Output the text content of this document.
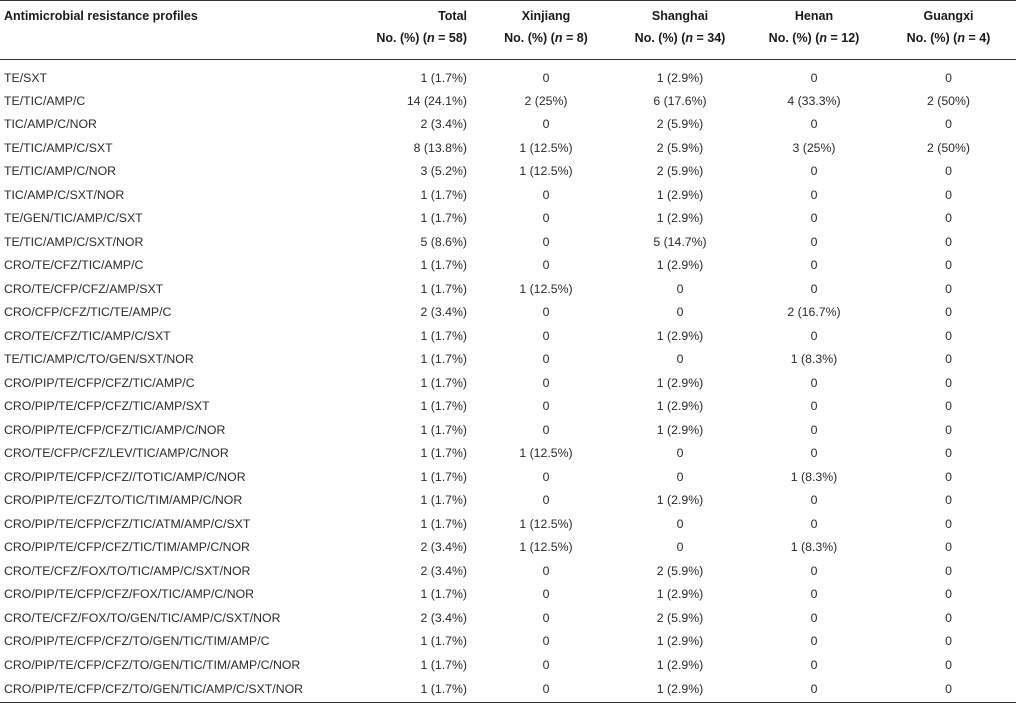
Antimicrobial resistance profiles	Total	Xinjiang	Shanghai	Henan	Guangxi
	No. (%) (n = 58)	No. (%) (n = 8)	No. (%) (n = 34)	No. (%) (n = 12)	No. (%) (n = 4)
TE/SXT	1 (1.7%)	0	1 (2.9%)	0	0
TE/TIC/AMP/C	14 (24.1%)	2 (25%)	6 (17.6%)	4 (33.3%)	2 (50%)
TIC/AMP/C/NOR	2 (3.4%)	0	2 (5.9%)	0	0
TE/TIC/AMP/C/SXT	8 (13.8%)	1 (12.5%)	2 (5.9%)	3 (25%)	2 (50%)
TE/TIC/AMP/C/NOR	3 (5.2%)	1 (12.5%)	2 (5.9%)	0	0
TIC/AMP/C/SXT/NOR	1 (1.7%)	0	1 (2.9%)	0	0
TE/GEN/TIC/AMP/C/SXT	1 (1.7%)	0	1 (2.9%)	0	0
TE/TIC/AMP/C/SXT/NOR	5 (8.6%)	0	5 (14.7%)	0	0
CRO/TE/CFZ/TIC/AMP/C	1 (1.7%)	0	1 (2.9%)	0	0
CRO/TE/CFP/CFZ/AMP/SXT	1 (1.7%)	1 (12.5%)	0	0	0
CRO/CFP/CFZ/TIC/TE/AMP/C	2 (3.4%)	0	0	2 (16.7%)	0
CRO/TE/CFZ/TIC/AMP/C/SXT	1 (1.7%)	0	1 (2.9%)	0	0
TE/TIC/AMP/C/TO/GEN/SXT/NOR	1 (1.7%)	0	0	1 (8.3%)	0
CRO/PIP/TE/CFP/CFZ/TIC/AMP/C	1 (1.7%)	0	1 (2.9%)	0	0
CRO/PIP/TE/CFP/CFZ/TIC/AMP/SXT	1 (1.7%)	0	1 (2.9%)	0	0
CRO/PIP/TE/CFP/CFZ/TIC/AMP/C/NOR	1 (1.7%)	0	1 (2.9%)	0	0
CRO/TE/CFP/CFZ/LEV/TIC/AMP/C/NOR	1 (1.7%)	1 (12.5%)	0	0	0
CRO/PIP/TE/CFP/CFZ//TOTIC/AMP/C/NOR	1 (1.7%)	0	0	1 (8.3%)	0
CRO/PIP/TE/CFZ/TO/TIC/TIM/AMP/C/NOR	1 (1.7%)	0	1 (2.9%)	0	0
CRO/PIP/TE/CFP/CFZ/TIC/ATM/AMP/C/SXT	1 (1.7%)	1 (12.5%)	0	0	0
CRO/PIP/TE/CFP/CFZ/TIC/TIM/AMP/C/NOR	2 (3.4%)	1 (12.5%)	0	1 (8.3%)	0
CRO/TE/CFZ/FOX/TO/TIC/AMP/C/SXT/NOR	2 (3.4%)	0	2 (5.9%)	0	0
CRO/PIP/TE/CFP/CFZ/FOX/TIC/AMP/C/NOR	1 (1.7%)	0	1 (2.9%)	0	0
CRO/TE/CFZ/FOX/TO/GEN/TIC/AMP/C/SXT/NOR	2 (3.4%)	0	2 (5.9%)	0	0
CRO/PIP/TE/CFP/CFZ/TO/GEN/TIC/TIM/AMP/C	1 (1.7%)	0	1 (2.9%)	0	0
CRO/PIP/TE/CFP/CFZ/TO/GEN/TIC/TIM/AMP/C/NOR	1 (1.7%)	0	1 (2.9%)	0	0
CRO/PIP/TE/CFP/CFZ/TO/GEN/TIC/AMP/C/SXT/NOR	1 (1.7%)	0	1 (2.9%)	0	0
